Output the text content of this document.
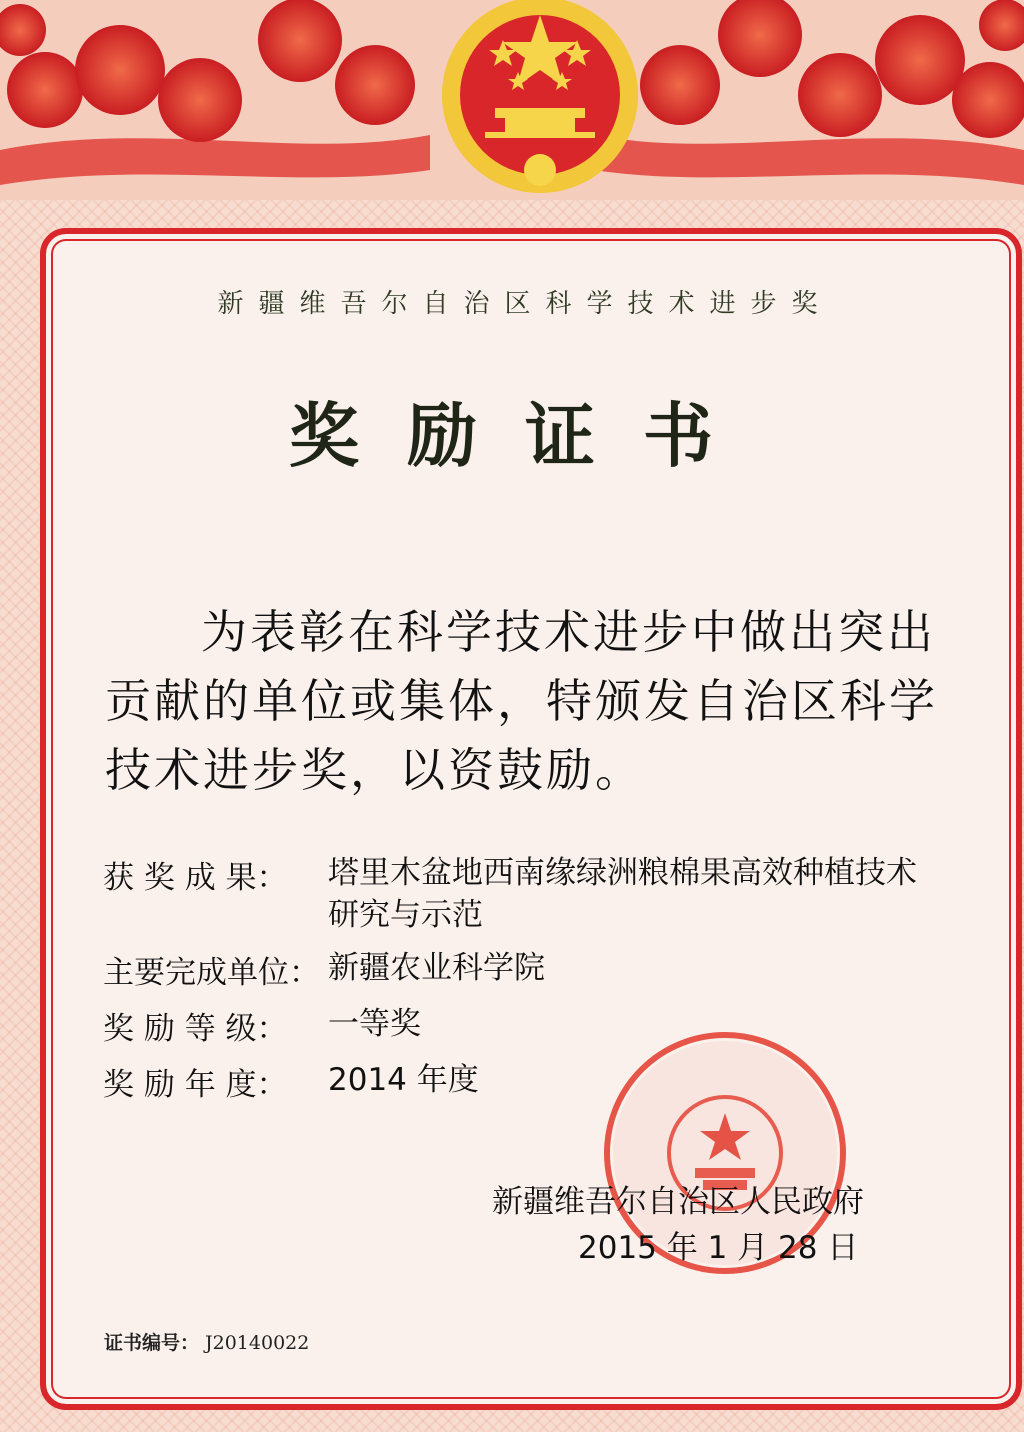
新疆维吾尔自治区科学技术进步奖
奖励证书
为表彰在科学技术进步中做出突出贡献的单位或集体，特颁发自治区科学技术进步奖，以资鼓励。
获 奖 成 果：	塔里木盆地西南缘绿洲粮棉果高效种植技术研究与示范
主要完成单位： 新疆农业科学院
奖 励 等 级：	一等奖
奖 励 年 度：	2014 年度
新疆维吾尔自治区人民政府
2015 年 1 月 28 日
证书编号： J20140022
